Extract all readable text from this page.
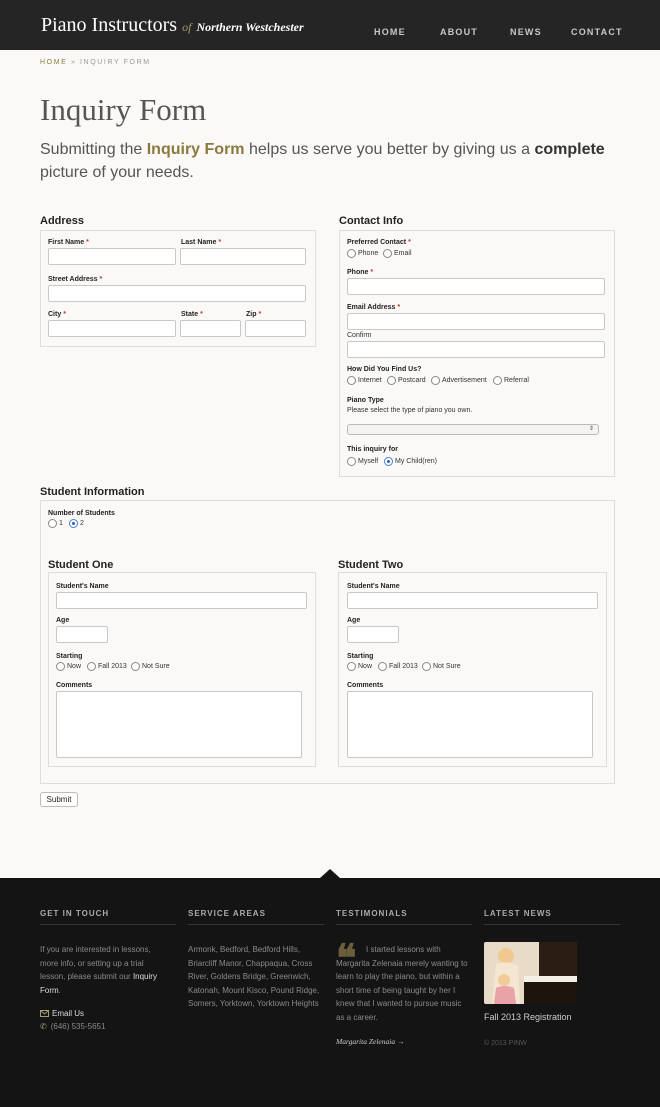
Piano Instructors of Northern Westchester	HOME	ABOUT	NEWS	CONTACT
HOME » INQUIRY FORM
Inquiry Form

Submitting the Inquiry Form helps us serve you better by giving us a complete picture of your needs.

Address
First Name *	Last Name *
Street Address *
City *	State *	Zip *
Contact Info
Preferred Contact *
Phone Email
Phone *
Email Address *
Confirm
How Did You Find Us?
Internet Postcard Advertisement Referral
Piano Type
Please select the type of piano you own.
⇕
This inquiry for
Myself My Child(ren)
Student Information
Number of Students
1 2
Student One
Student's Name
Age
Starting
Now Fall 2013 Not Sure
Comments
Student Two
Student's Name
Age
Starting
Now Fall 2013 Not Sure
Comments
Submit
GET IN TOUCH	SERVICE AREAS	TESTIMONIALS	LATEST NEWS
If you are interested in lessons, more info, or setting up a trial lesson, please submit our Inquiry Form.
Email Us
✆ (646) 535-5651
Armonk, Bedford, Bedford Hills, Briarcliff Manor, Chappaqua, Cross River, Goldens Bridge, Greenwich, Katonah, Mount Kisco, Pound Ridge, Somers, Yorktown, Yorktown Heights
❝	I started lessons with Margarita Zelenaia merely wanting to learn to play the piano, but within a short time of being taught by her I knew that I wanted to pursue music as a career.
Margarita Zelenaia →
Fall 2013 Registration
© 2013 PINW
